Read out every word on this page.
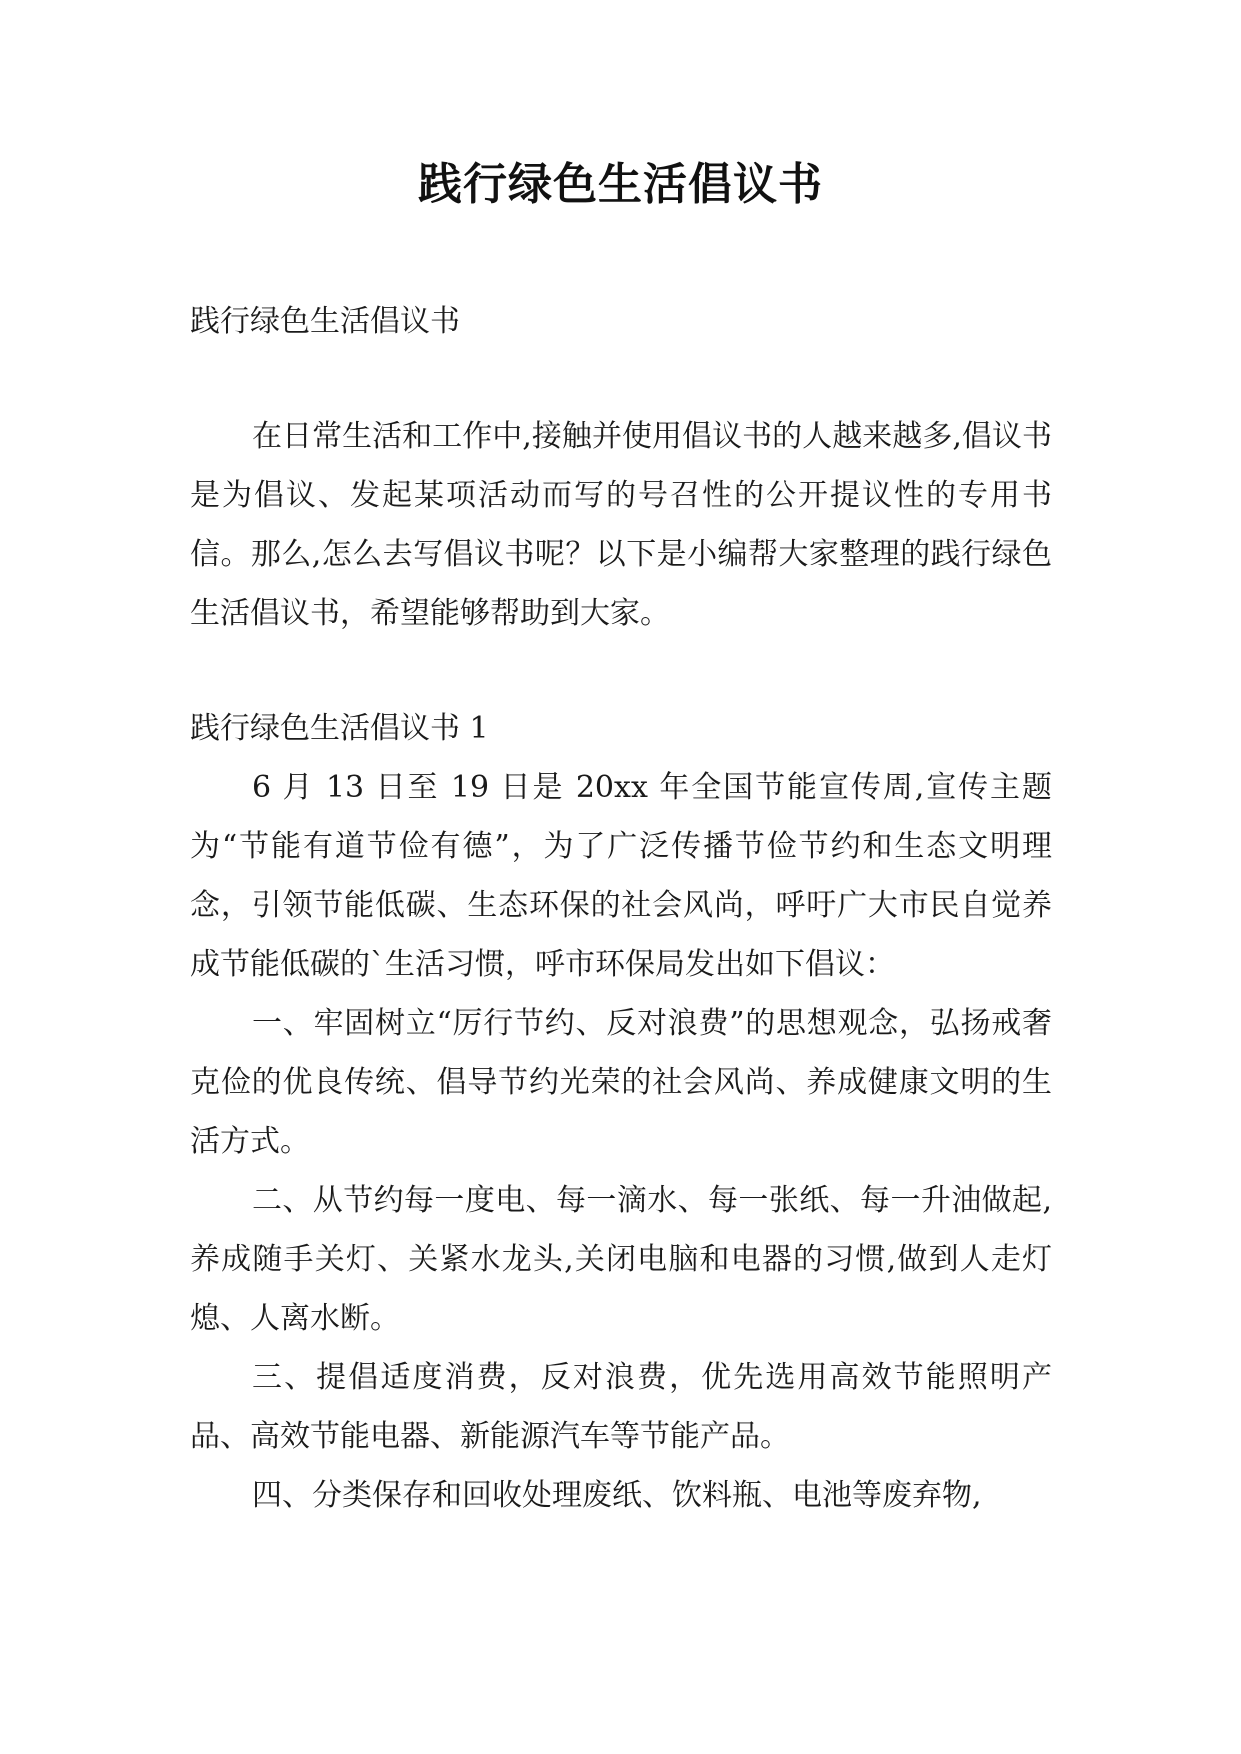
践行绿色生活倡议书

践行绿色生活倡议书

在日常生活和工作中,接触并使用倡议书的人越来越多,倡议书是为倡议、发起某项活动而写的号召性的公开提议性的专用书信。那么,怎么去写倡议书呢？以下是小编帮大家整理的践行绿色生活倡议书，希望能够帮助到大家。

践行绿色生活倡议书 1

6 月 13 日至 19 日是 20xx 年全国节能宣传周,宣传主题为“节能有道节俭有德”，为了广泛传播节俭节约和生态文明理念，引领节能低碳、生态环保的社会风尚，呼吁广大市民自觉养成节能低碳的`生活习惯，呼市环保局发出如下倡议：

一、牢固树立“厉行节约、反对浪费”的思想观念，弘扬戒奢克俭的优良传统、倡导节约光荣的社会风尚、养成健康文明的生活方式。

二、从节约每一度电、每一滴水、每一张纸、每一升油做起,养成随手关灯、关紧水龙头,关闭电脑和电器的习惯,做到人走灯熄、人离水断。

三、提倡适度消费，反对浪费，优先选用高效节能照明产品、高效节能电器、新能源汽车等节能产品。

四、分类保存和回收处理废纸、饮料瓶、电池等废弃物,
